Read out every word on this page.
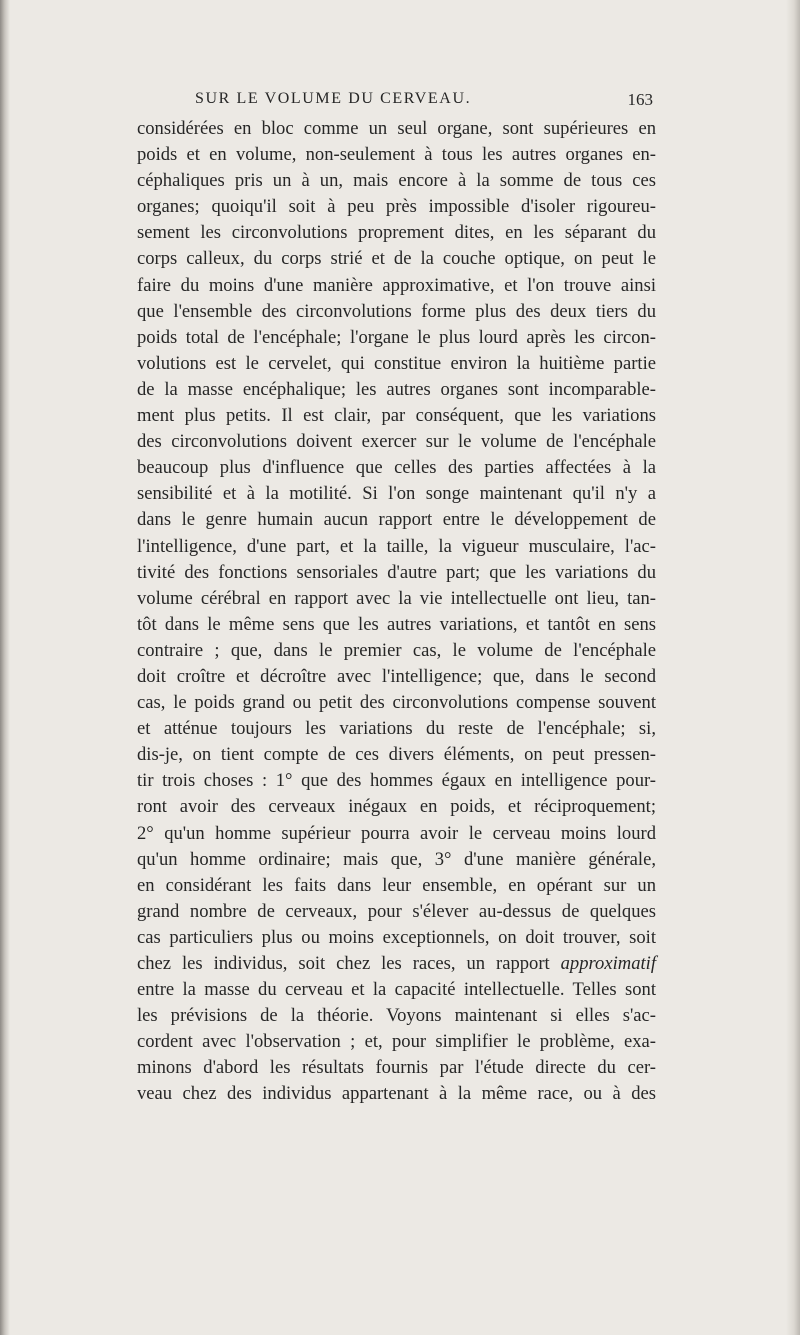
SUR LE VOLUME DU CERVEAU.	163
considérées en bloc comme un seul organe, sont supérieures en
poids et en volume, non-seulement à tous les autres organes en-
céphaliques pris un à un, mais encore à la somme de tous ces
organes; quoiqu'il soit à peu près impossible d'isoler rigoureu-
sement les circonvolutions proprement dites, en les séparant du
corps calleux, du corps strié et de la couche optique, on peut le
faire du moins d'une manière approximative, et l'on trouve ainsi
que l'ensemble des circonvolutions forme plus des deux tiers du
poids total de l'encéphale; l'organe le plus lourd après les circon-
volutions est le cervelet, qui constitue environ la huitième partie
de la masse encéphalique; les autres organes sont incomparable-
ment plus petits. Il est clair, par conséquent, que les variations
des circonvolutions doivent exercer sur le volume de l'encéphale
beaucoup plus d'influence que celles des parties affectées à la
sensibilité et à la motilité. Si l'on songe maintenant qu'il n'y a
dans le genre humain aucun rapport entre le développement de
l'intelligence, d'une part, et la taille, la vigueur musculaire, l'ac-
tivité des fonctions sensoriales d'autre part; que les variations du
volume cérébral en rapport avec la vie intellectuelle ont lieu, tan-
tôt dans le même sens que les autres variations, et tantôt en sens
contraire ; que, dans le premier cas, le volume de l'encéphale
doit croître et décroître avec l'intelligence; que, dans le second
cas, le poids grand ou petit des circonvolutions compense souvent
et atténue toujours les variations du reste de l'encéphale; si,
dis-je, on tient compte de ces divers éléments, on peut pressen-
tir trois choses : 1° que des hommes égaux en intelligence pour-
ront avoir des cerveaux inégaux en poids, et réciproquement;
2° qu'un homme supérieur pourra avoir le cerveau moins lourd
qu'un homme ordinaire; mais que, 3° d'une manière générale,
en considérant les faits dans leur ensemble, en opérant sur un
grand nombre de cerveaux, pour s'élever au-dessus de quelques
cas particuliers plus ou moins exceptionnels, on doit trouver, soit
chez les individus, soit chez les races, un rapport approximatif
entre la masse du cerveau et la capacité intellectuelle. Telles sont
les prévisions de la théorie. Voyons maintenant si elles s'ac-
cordent avec l'observation ; et, pour simplifier le problème, exa-
minons d'abord les résultats fournis par l'étude directe du cer-
veau chez des individus appartenant à la même race, ou à des
